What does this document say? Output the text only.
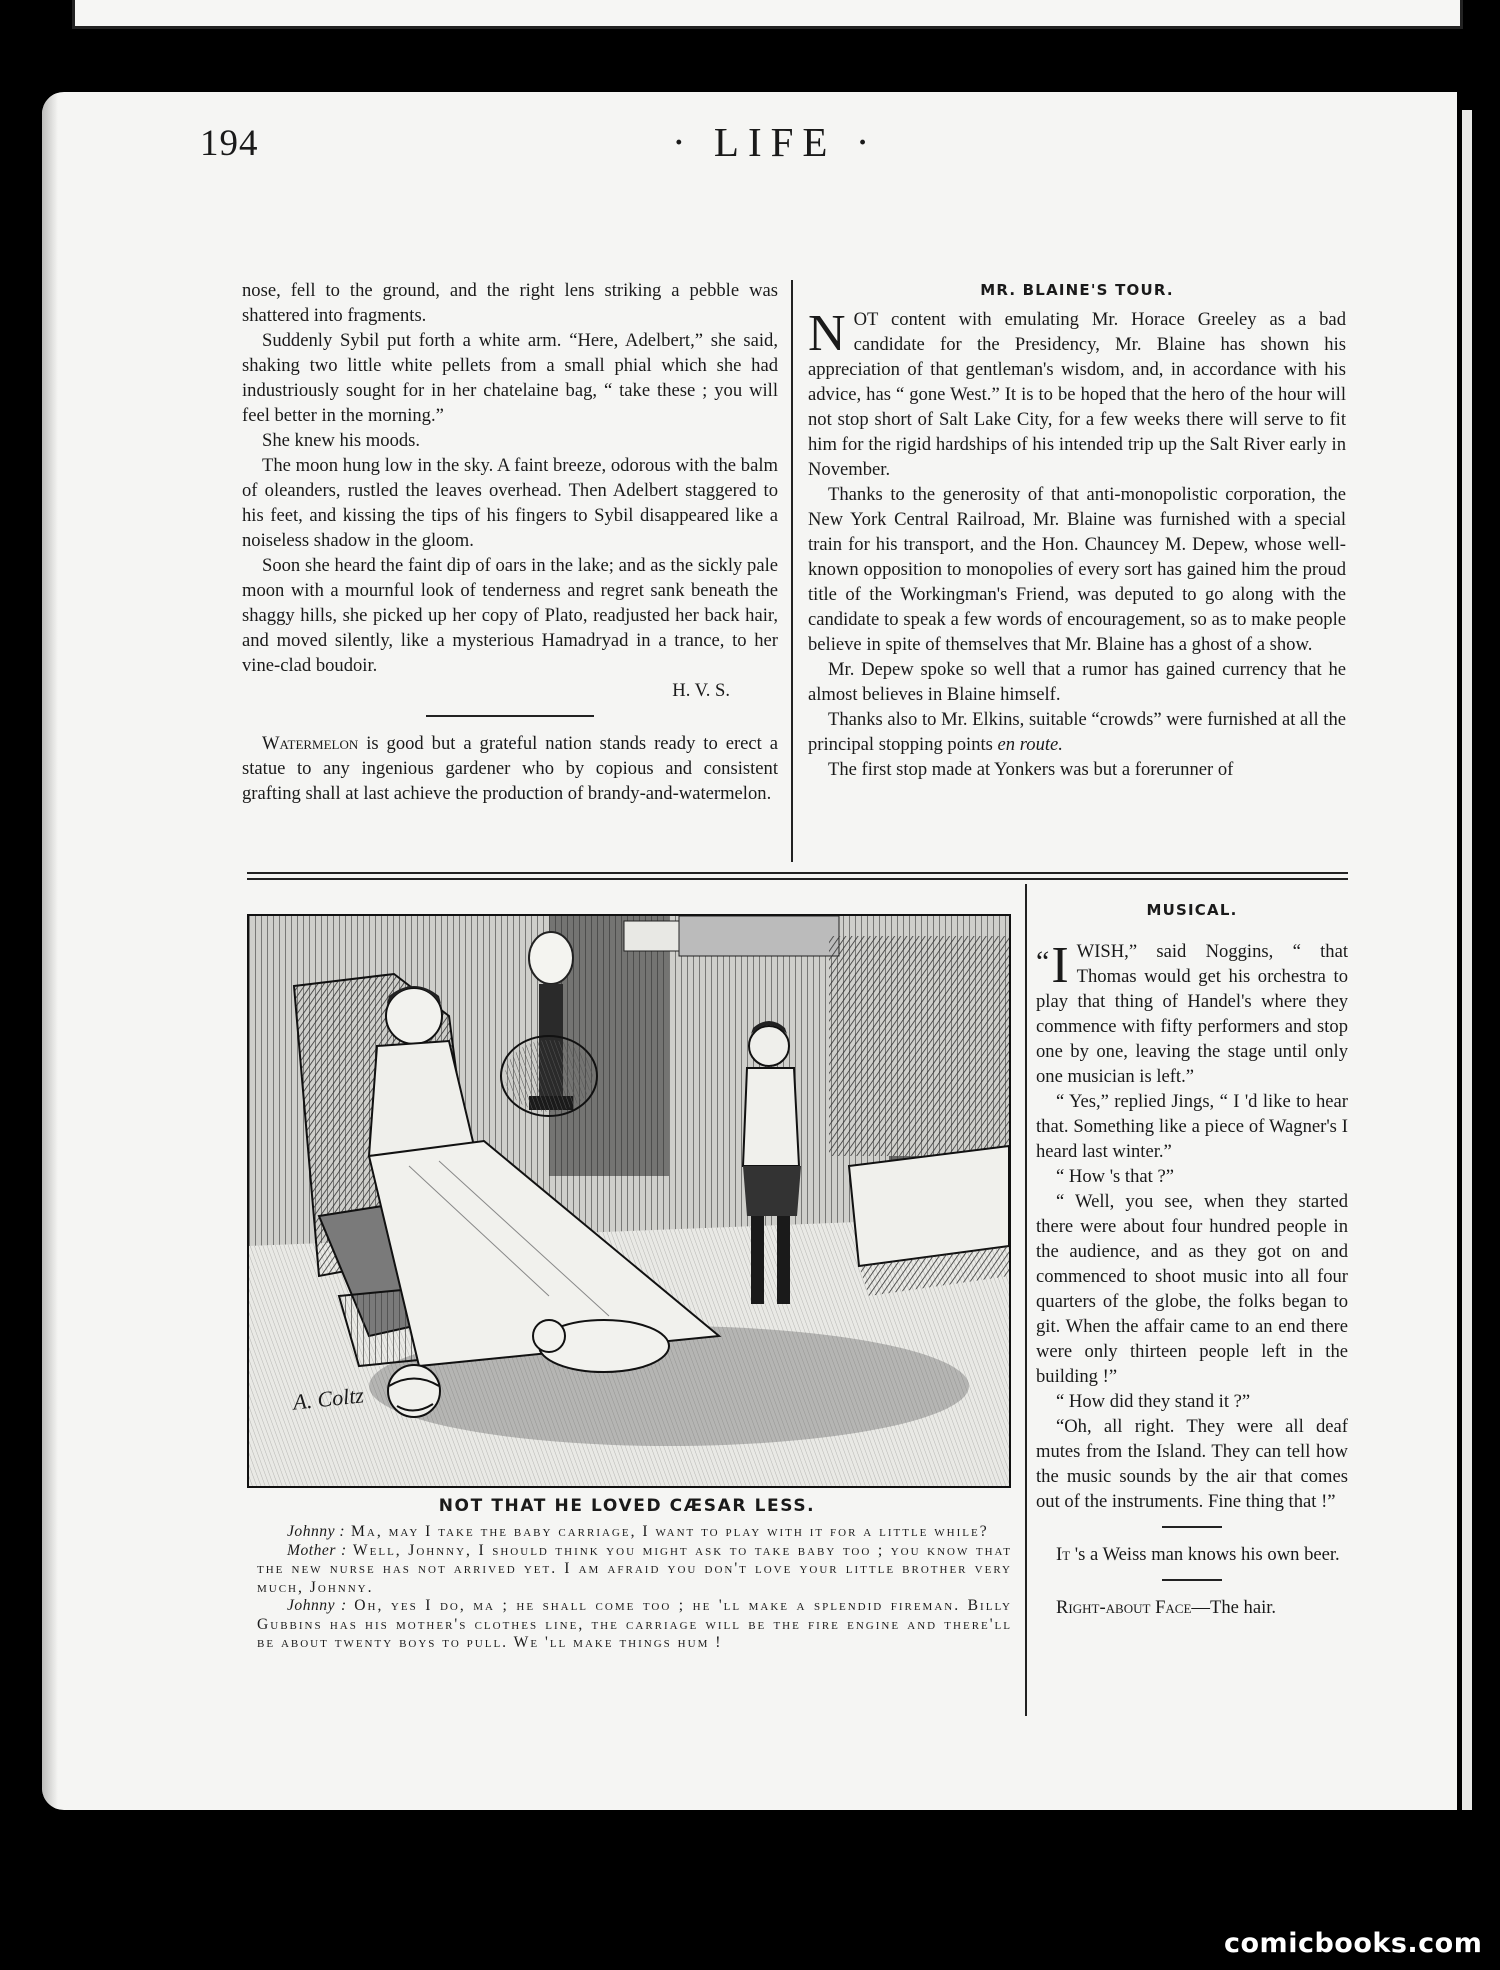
194	· LIFE ·

nose, fell to the ground, and the right lens striking a pebble was shattered into fragments.

Suddenly Sybil put forth a white arm. “Here, Adelbert,” she said, shaking two little white pellets from a small phial which she had industriously sought for in her chatelaine bag, “ take these ; you will feel better in the morning.”

She knew his moods.

The moon hung low in the sky. A faint breeze, odorous with the balm of oleanders, rustled the leaves overhead. Then Adelbert staggered to his feet, and kissing the tips of his fingers to Sybil disappeared like a noiseless shadow in the gloom.

Soon she heard the faint dip of oars in the lake; and as the sickly pale moon with a mournful look of tenderness and regret sank beneath the shaggy hills, she picked up her copy of Plato, readjusted her back hair, and moved silently, like a mysterious Hamadryad in a trance, to her vine-clad boudoir.

H. V. S.

Watermelon is good but a grateful nation stands ready to erect a statue to any ingenious gardener who by copious and consistent grafting shall at last achieve the production of brandy-and-watermelon.

MR. BLAINE'S TOUR.

NOT content with emulating Mr. Horace Greeley as a bad candidate for the Presidency, Mr. Blaine has shown his appreciation of that gentleman's wisdom, and, in accordance with his advice, has “ gone West.” It is to be hoped that the hero of the hour will not stop short of Salt Lake City, for a few weeks there will serve to fit him for the rigid hardships of his intended trip up the Salt River early in November.

Thanks to the generosity of that anti-monopolistic corporation, the New York Central Railroad, Mr. Blaine was furnished with a special train for his transport, and the Hon. Chauncey M. Depew, whose well-known opposition to monopolies of every sort has gained him the proud title of the Workingman's Friend, was deputed to go along with the candidate to speak a few words of encouragement, so as to make people believe in spite of themselves that Mr. Blaine has a ghost of a show.

Mr. Depew spoke so well that a rumor has gained currency that he almost believes in Blaine himself.

Thanks also to Mr. Elkins, suitable “crowds” were furnished at all the principal stopping points en route.

The first stop made at Yonkers was but a forerunner of

A. Coltz
NOT THAT HE LOVED CÆSAR LESS.

Johnny : Ma, may I take the baby carriage, I want to play with it for a little while?

Mother : Well, Johnny, I should think you might ask to take baby too ; you know that the new nurse has not arrived yet. I am afraid you don't love your little brother very much, Johnny.

Johnny : Oh, yes I do, ma ; he shall come too ; he 'll make a splendid fireman. Billy Gubbins has his mother's clothes line, the carriage will be the fire engine and there'll be about twenty boys to pull. We 'll make things hum !

MUSICAL.

“ I WISH,” said Noggins, “ that Thomas would get his orchestra to play that thing of Handel's where they commence with fifty performers and stop one by one, leaving the stage until only one musician is left.”

“ Yes,” replied Jings, “ I 'd like to hear that. Something like a piece of Wagner's I heard last winter.”

“ How 's that ?”

“ Well, you see, when they started there were about four hundred people in the audience, and as they got on and commenced to shoot music into all four quarters of the globe, the folks began to git. When the affair came to an end there were only thirteen people left in the building !”

“ How did they stand it ?”

“Oh, all right. They were all deaf mutes from the Island. They can tell how the music sounds by the air that comes out of the instruments. Fine thing that !”

It 's a Weiss man knows his own beer.

Right-about Face—The hair.

comicbooks.com
